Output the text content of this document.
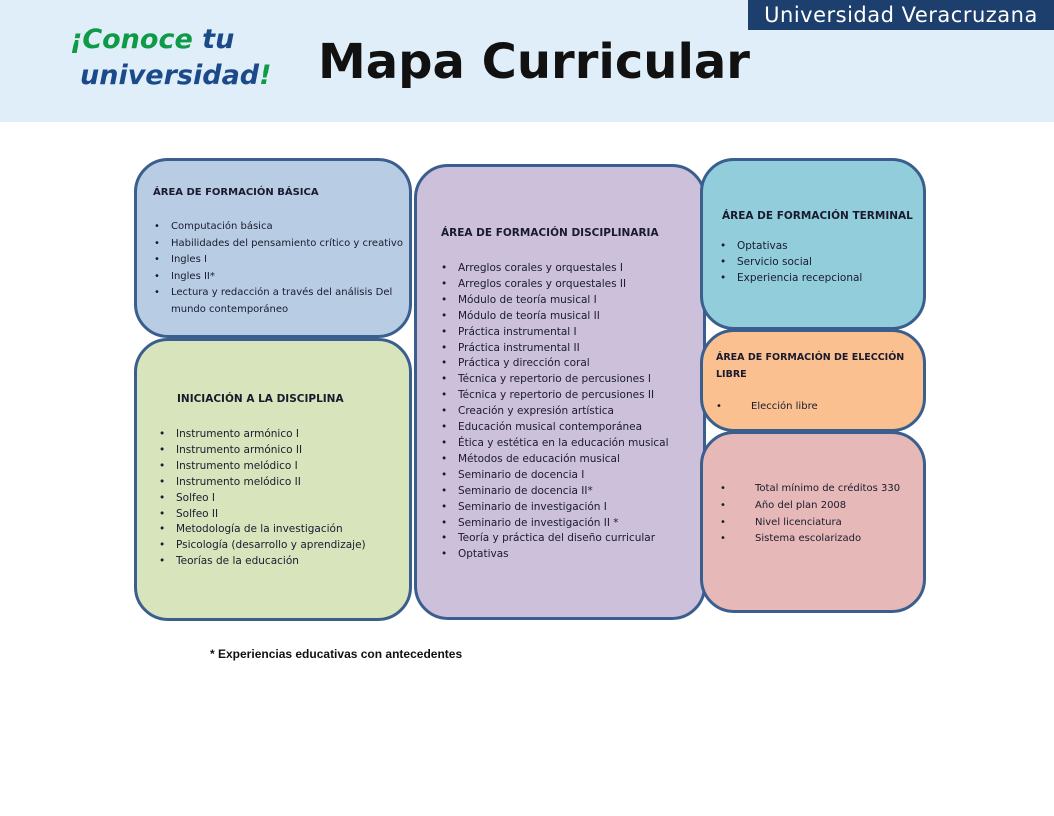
Universidad Veracruzana
¡Conoce tu
universidad! Mapa Curricular
ÁREA DE FORMACIÓN BÁSICA
• Computación básica
• Habilidades del pensamiento crítico y creativo
• Ingles I
• Ingles II*
• Lectura y redacción a través del análisis Del mundo contemporáneo
INICIACIÓN A LA DISCIPLINA
• Instrumento armónico I
• Instrumento armónico II
• Instrumento melódico I
• Instrumento melódico II
• Solfeo I
• Solfeo II
• Metodología de la investigación
• Psicología (desarrollo y aprendizaje)
• Teorías de la educación
ÁREA DE FORMACIÓN DISCIPLINARIA
• Arreglos corales y orquestales I
• Arreglos corales y orquestales II
• Módulo de teoría musical I
• Módulo de teoría musical II
• Práctica instrumental I
• Práctica instrumental II
• Práctica y dirección coral
• Técnica y repertorio de percusiones I
• Técnica y repertorio de percusiones II
• Creación y expresión artística
• Educación musical contemporánea
• Ética y estética en la educación musical
• Métodos de educación musical
• Seminario de docencia I
• Seminario de docencia II*
• Seminario de investigación I
• Seminario de investigación II *
• Teoría y práctica del diseño curricular
• Optativas
ÁREA DE FORMACIÓN TERMINAL
• Optativas
• Servicio social
• Experiencia recepcional
ÁREA DE FORMACIÓN DE ELECCIÓN LIBRE
• Elección libre
• Total mínimo de créditos 330
• Año del plan 2008
• Nivel licenciatura
• Sistema escolarizado

* Experiencias educativas con antecedentes
